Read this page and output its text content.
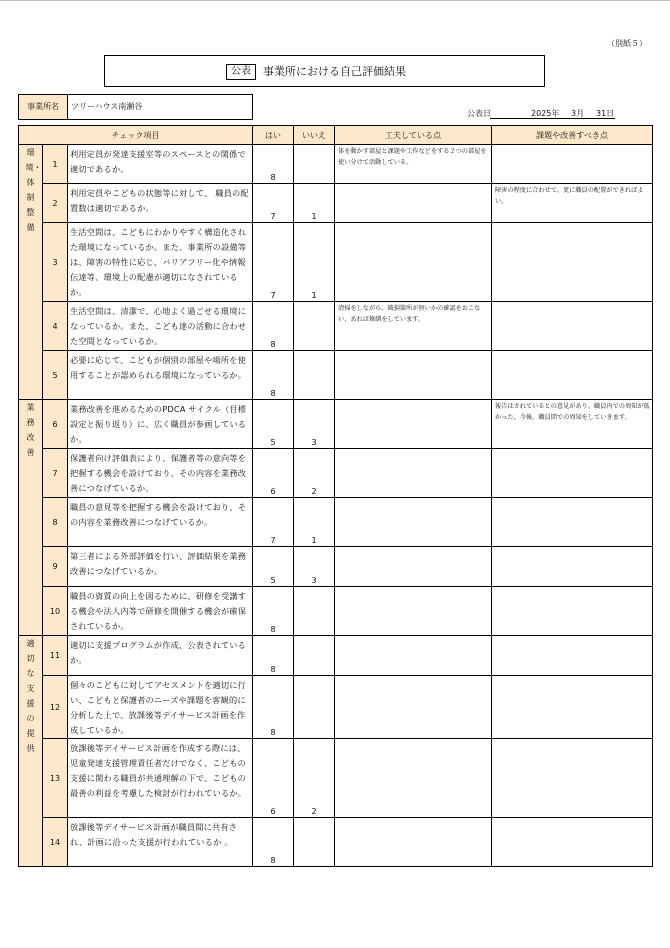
（別紙５）
公表	事業所における自己評価結果
事業所名	ツリーハウス南瀬谷
公表日	2025年 3月 31日
チェック項目			はい	いいえ	工夫している点	課題や改善すべき点

環境・体制整備	1	利用定員が発達支援室等のスペースとの関係で適切であるか。	8		体を動かす部屋と課題や工作などをする２つの部屋を使い分けて活動している。	
	2	利用定員やこどもの状態等に対して、 職員の配置数は適切であるか。	7	1		障害の程度に合わせて、更に職員の配置ができればよい。
	3	生活空間は、こどもにわかりやすく構造化された環境になっているか。また、事業所の設備等は、障害の特性に応じ、バリアフリー化や情報伝達等、環境上の配慮が適切になされているか。	7	1		
	4	生活空間は、清潔で、心地よく過ごせる環境になっているか。また、こども達の活動に合わせた空間となっているか。	8		清掃をしながら、破損箇所が無いかの確認をおこない、あれば修繕をしています。	
	5	必要に応じて、こどもが個別の部屋や場所を使用することが認められる環境になっているか。	8			

業務改善	6	業務改善を進めるためのPDCA サイクル（目標設定と振り返り）に、広く職員が参画しているか。	5	3		報告はされているとの意見があり、職員内での周知が低かった。今後、職員間での周知をしていきます。
	7	保護者向け評価表により、保護者等の意向等を把握する機会を設けており、その内容を業務改善につなげているか。	6	2		
	8	職員の意見等を把握する機会を設けており、その内容を業務改善につなげているか。	7	1		
	9	第三者による外部評価を行い、評価結果を業務改善につなげているか。	5	3		
	10	職員の資質の向上を図るために、研修を受講する機会や法人内等で研修を開催する機会が確保されているか。	8			

適切な支援の提供	11	適切に支援プログラムが作成、公表されているか。	8			
	12	個々のこどもに対してアセスメントを適切に行い、こどもと保護者のニーズや課題を客観的に分析した上で、放課後等デイサービス計画を作成しているか。	8			
	13	放課後等デイサービス計画を作成する際には、児童発達支援管理責任者だけでなく、こどもの支援に関わる職員が共通理解の下で、こどもの最善の利益を考慮した検討が行われているか。	6	2		
	14	放課後等デイサービス計画が職員間に共有され、計画に沿った支援が行われているか 。	8			
